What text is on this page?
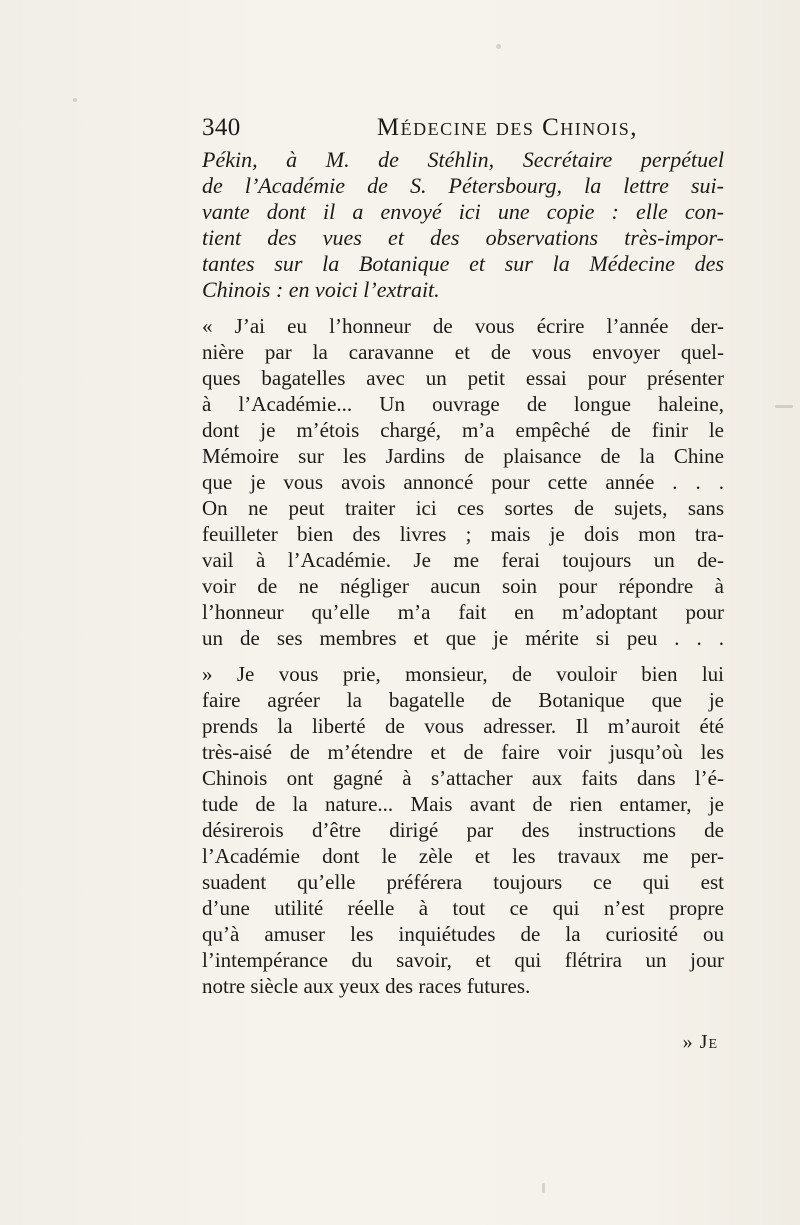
340	Médecine des Chinois,
Pékin, à M. de Stéhlin, Secrétaire perpétuel
de l’Académie de S. Pétersbourg, la lettre sui-
vante dont il a envoyé ici une copie : elle con-
tient des vues et des observations très-impor-
tantes sur la Botanique et sur la Médecine des
Chinois : en voici l’extrait.
« J’ai eu l’honneur de vous écrire l’année der-
nière par la caravanne et de vous envoyer quel-
ques bagatelles avec un petit essai pour présenter
à l’Académie... Un ouvrage de longue haleine,
dont je m’étois chargé, m’a empêché de finir le
Mémoire sur les Jardins de plaisance de la Chine
que je vous avois annoncé pour cette année . . .
On ne peut traiter ici ces sortes de sujets, sans
feuilleter bien des livres ; mais je dois mon tra-
vail à l’Académie. Je me ferai toujours un de-
voir de ne négliger aucun soin pour répondre à
l’honneur qu’elle m’a fait en m’adoptant pour
un de ses membres et que je mérite si peu . . .
» Je vous prie, monsieur, de vouloir bien lui
faire agréer la bagatelle de Botanique que je
prends la liberté de vous adresser. Il m’auroit été
très-aisé de m’étendre et de faire voir jusqu’où les
Chinois ont gagné à s’attacher aux faits dans l’é-
tude de la nature... Mais avant de rien entamer, je
désirerois d’être dirigé par des instructions de
l’Académie dont le zèle et les travaux me per-
suadent qu’elle préférera toujours ce qui est
d’une utilité réelle à tout ce qui n’est propre
qu’à amuser les inquiétudes de la curiosité ou
l’intempérance du savoir, et qui flétrira un jour
notre siècle aux yeux des races futures.
» Je
